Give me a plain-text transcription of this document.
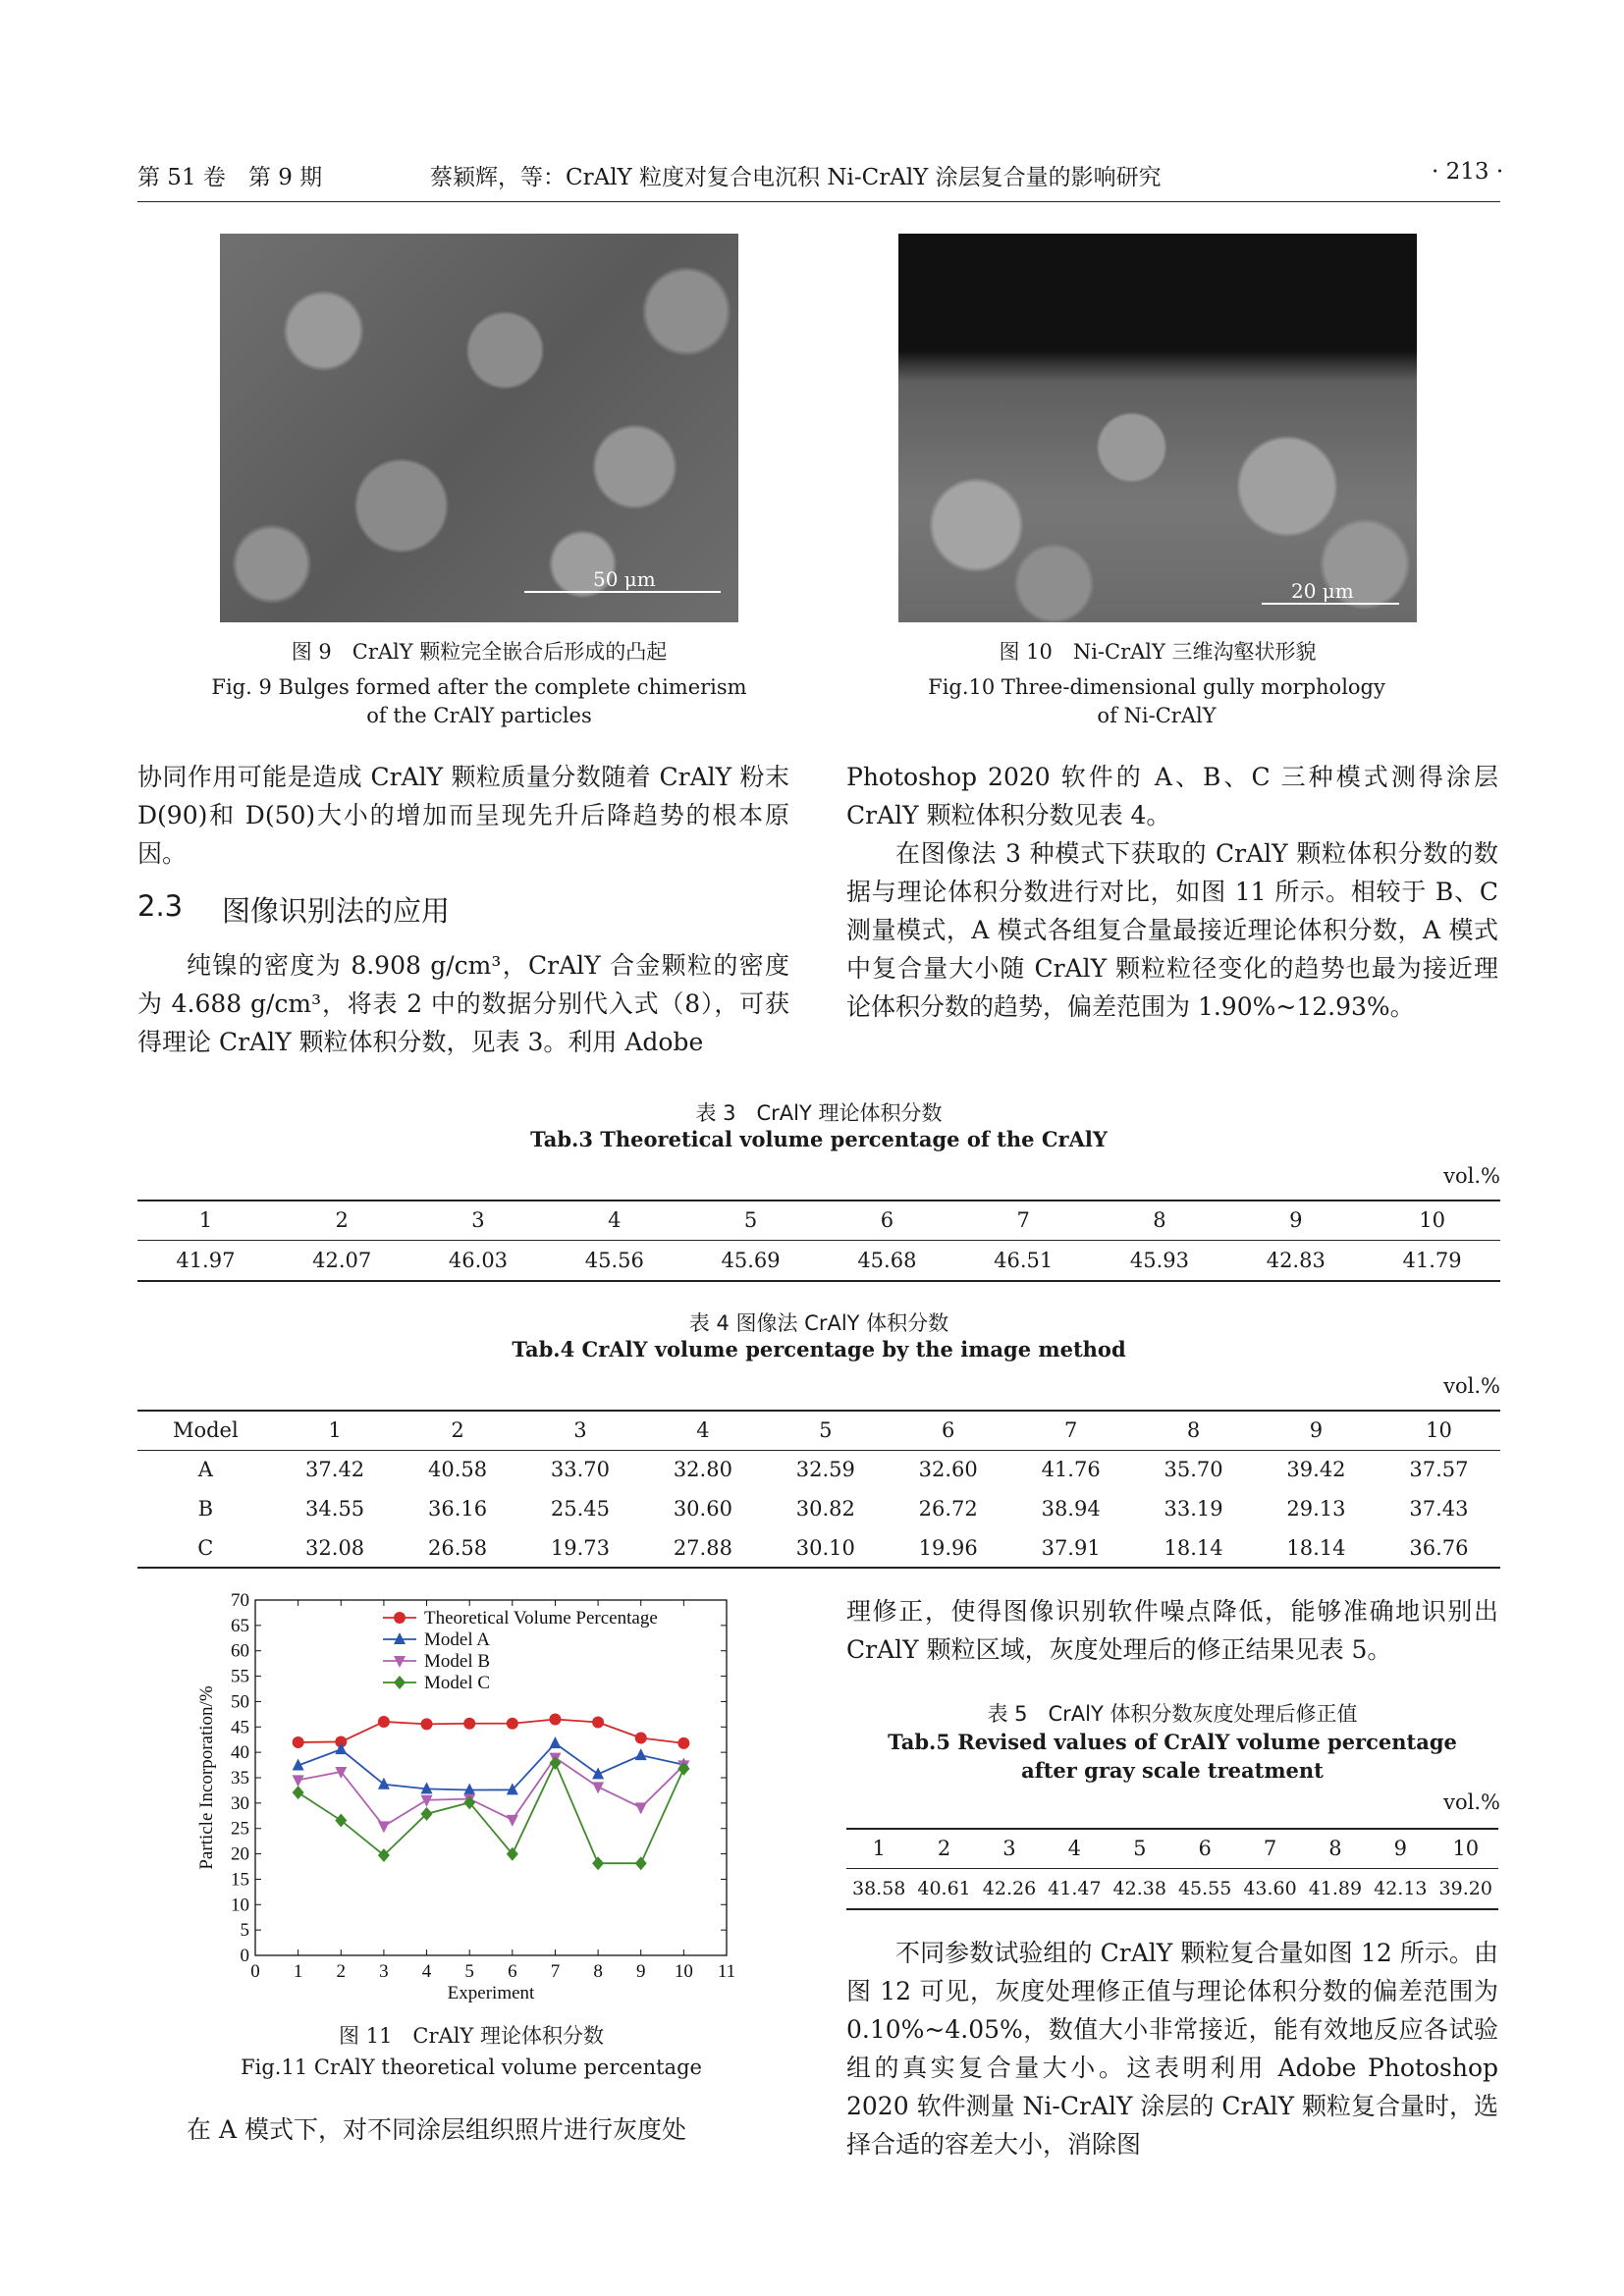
第 51 卷　第 9 期	蔡颖辉，等：CrAlY 粒度对复合电沉积 Ni-CrAlY 涂层复合量的影响研究	· 213 ·
50 μm
图 9　CrAlY 颗粒完全嵌合后形成的凸起
Fig. 9 Bulges formed after the complete chimerism
of the CrAlY particles
20 μm
图 10　Ni-CrAlY 三维沟壑状形貌
Fig.10 Three-dimensional gully morphology
of Ni-CrAlY
协同作用可能是造成 CrAlY 颗粒质量分数随着 CrAlY 粉末 D(90)和 D(50)大小的增加而呈现先升后降趋势的根本原因。
2.3 图像识别法的应用
纯镍的密度为 8.908 g/cm³，CrAlY 合金颗粒的密度为 4.688 g/cm³，将表 2 中的数据分别代入式（8），可获得理论 CrAlY 颗粒体积分数，见表 3。利用 Adobe
Photoshop 2020 软件的 A、B、C 三种模式测得涂层 CrAlY 颗粒体积分数见表 4。
在图像法 3 种模式下获取的 CrAlY 颗粒体积分数的数据与理论体积分数进行对比，如图 11 所示。相较于 B、C 测量模式，A 模式各组复合量最接近理论体积分数，A 模式中复合量大小随 CrAlY 颗粒粒径变化的趋势也最为接近理论体积分数的趋势，偏差范围为 1.90%~12.93%。
表 3　CrAlY 理论体积分数
Tab.3 Theoretical volume percentage of the CrAlY
vol.%
1	2	3	4	5	6	7	8	9	10
41.97	42.07	46.03	45.56	45.69	45.68	46.51	45.93	42.83	41.79
表 4 图像法 CrAlY 体积分数
Tab.4 CrAlY volume percentage by the image method
vol.%
Model	1	2	3	4	5	6	7	8	9	10
A	37.42	40.58	33.70	32.80	32.59	32.60	41.76	35.70	39.42	37.57
B	34.55	36.16	25.45	30.60	30.82	26.72	38.94	33.19	29.13	37.43
C	32.08	26.58	19.73	27.88	30.10	19.96	37.91	18.14	18.14	36.76
0
5
10
15
20
25
30
35
40
45
50
55
60
65
70
0 1 2 3 4 5 6 7 8 9 10 11
Experiment
Particle Incorporation/%
Theoretical Volume Percentage
Model A
Model B
Model C
图 11　CrAlY 理论体积分数
Fig.11 CrAlY theoretical volume percentage
在 A 模式下，对不同涂层组织照片进行灰度处
理修正，使得图像识别软件噪点降低，能够准确地识别出 CrAlY 颗粒区域，灰度处理后的修正结果见表 5。
表 5　CrAlY 体积分数灰度处理后修正值
Tab.5 Revised values of CrAlY volume percentage
after gray scale treatment
vol.%
1	2	3	4	5	6	7	8	9	10
38.58	40.61	42.26	41.47	42.38	45.55	43.60	41.89	42.13	39.20
不同参数试验组的 CrAlY 颗粒复合量如图 12 所示。由图 12 可见，灰度处理修正值与理论体积分数的偏差范围为 0.10%~4.05%，数值大小非常接近，能有效地反应各试验组的真实复合量大小。这表明利用 Adobe Photoshop 2020 软件测量 Ni-CrAlY 涂层的 CrAlY 颗粒复合量时，选择合适的容差大小，消除图
